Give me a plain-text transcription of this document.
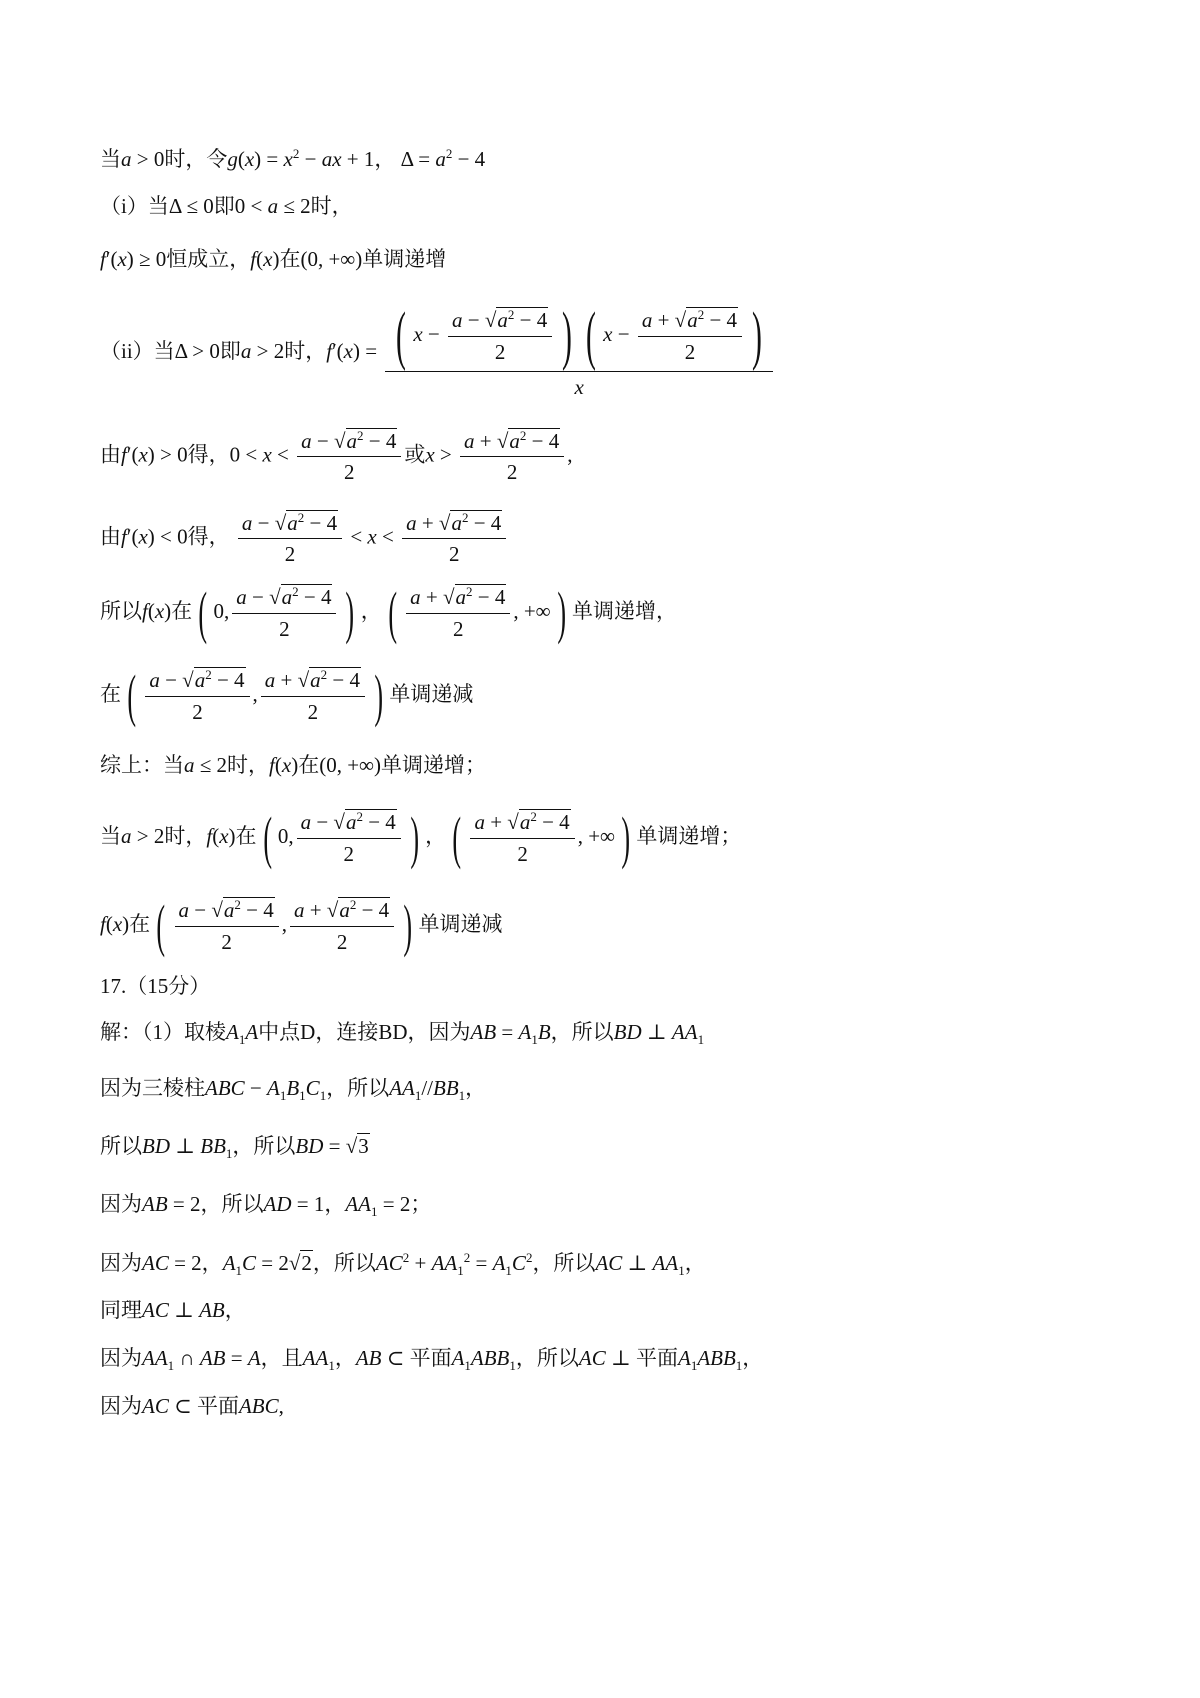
当a > 0时，令$g(x) = x^2$ − ax + 1， $\Delta = a^2 - 4$
（i）当Δ ≤ 0即0 < a ≤ 2时，
f′(x) ≥ 0恒成立，f(x)在(0, +∞)单调递增
（ii）当Δ > 0即a > 2时，$f'(x) = \frac{( x - \frac{a - √a^2 - 4}{2} ) ( x - \frac{a + √a^2 - 4}{2} )}{x}$
由f′(x) > 0得，$0 < x < \frac{a - √a^2 - 4}{2}$ 或$x > \frac{a + √a^2 - 4}{2}$ ,
由f′(x) < 0得， $\frac{a - √a^2 - 4}{2} < x < \frac{a + √a^2 - 4}{2}$
所以f(x)在 ( 0, $\frac{a - √a^2 - 4}{2}$ ) ， ( $\frac{a + √a^2 - 4}{2}$ , +∞ ) 单调递增，
在 ( $\frac{a - √a^2 - 4}{2}$ , $\frac{a + √a^2 - 4}{2}$ ) 单调递减
综上：当a ≤ 2时，f(x)在(0, +∞)单调递增；
当a > 2时，f(x)在 ( 0, $\frac{a - √a^2 - 4}{2}$ ) ， ( $\frac{a + √a^2 - 4}{2}$ , +∞ ) 单调递增；
f(x)在 ( $\frac{a - √a^2 - 4}{2}$ , $\frac{a + √a^2 - 4}{2}$ ) 单调递减
17.（15分）
解：（1）取棱$A_1A$中点D，连接BD，因为AB = $A_1B$，所以BD ⊥ $AA_1$
因为三棱柱ABC − $A_1B_1C_1$，所以$AA_1//BB_1$，
所以BD ⊥ $BB_1$，所以BD = √3
因为AB = 2，所以AD = 1，$AA_1 = 2$；
因为AC = 2，$A_1C = 2√2$，所以$AC^2 + AA_1^2 = A_1C^2$，所以AC ⊥ $AA_1$，
同理AC ⊥ AB，
因为$AA_1$ ∩ AB = A，且$AA_1$，AB ⊂ 平面$A_1ABB_1$，所以AC ⊥ 平面$A_1ABB_1$，
因为AC ⊂ 平面ABC,
